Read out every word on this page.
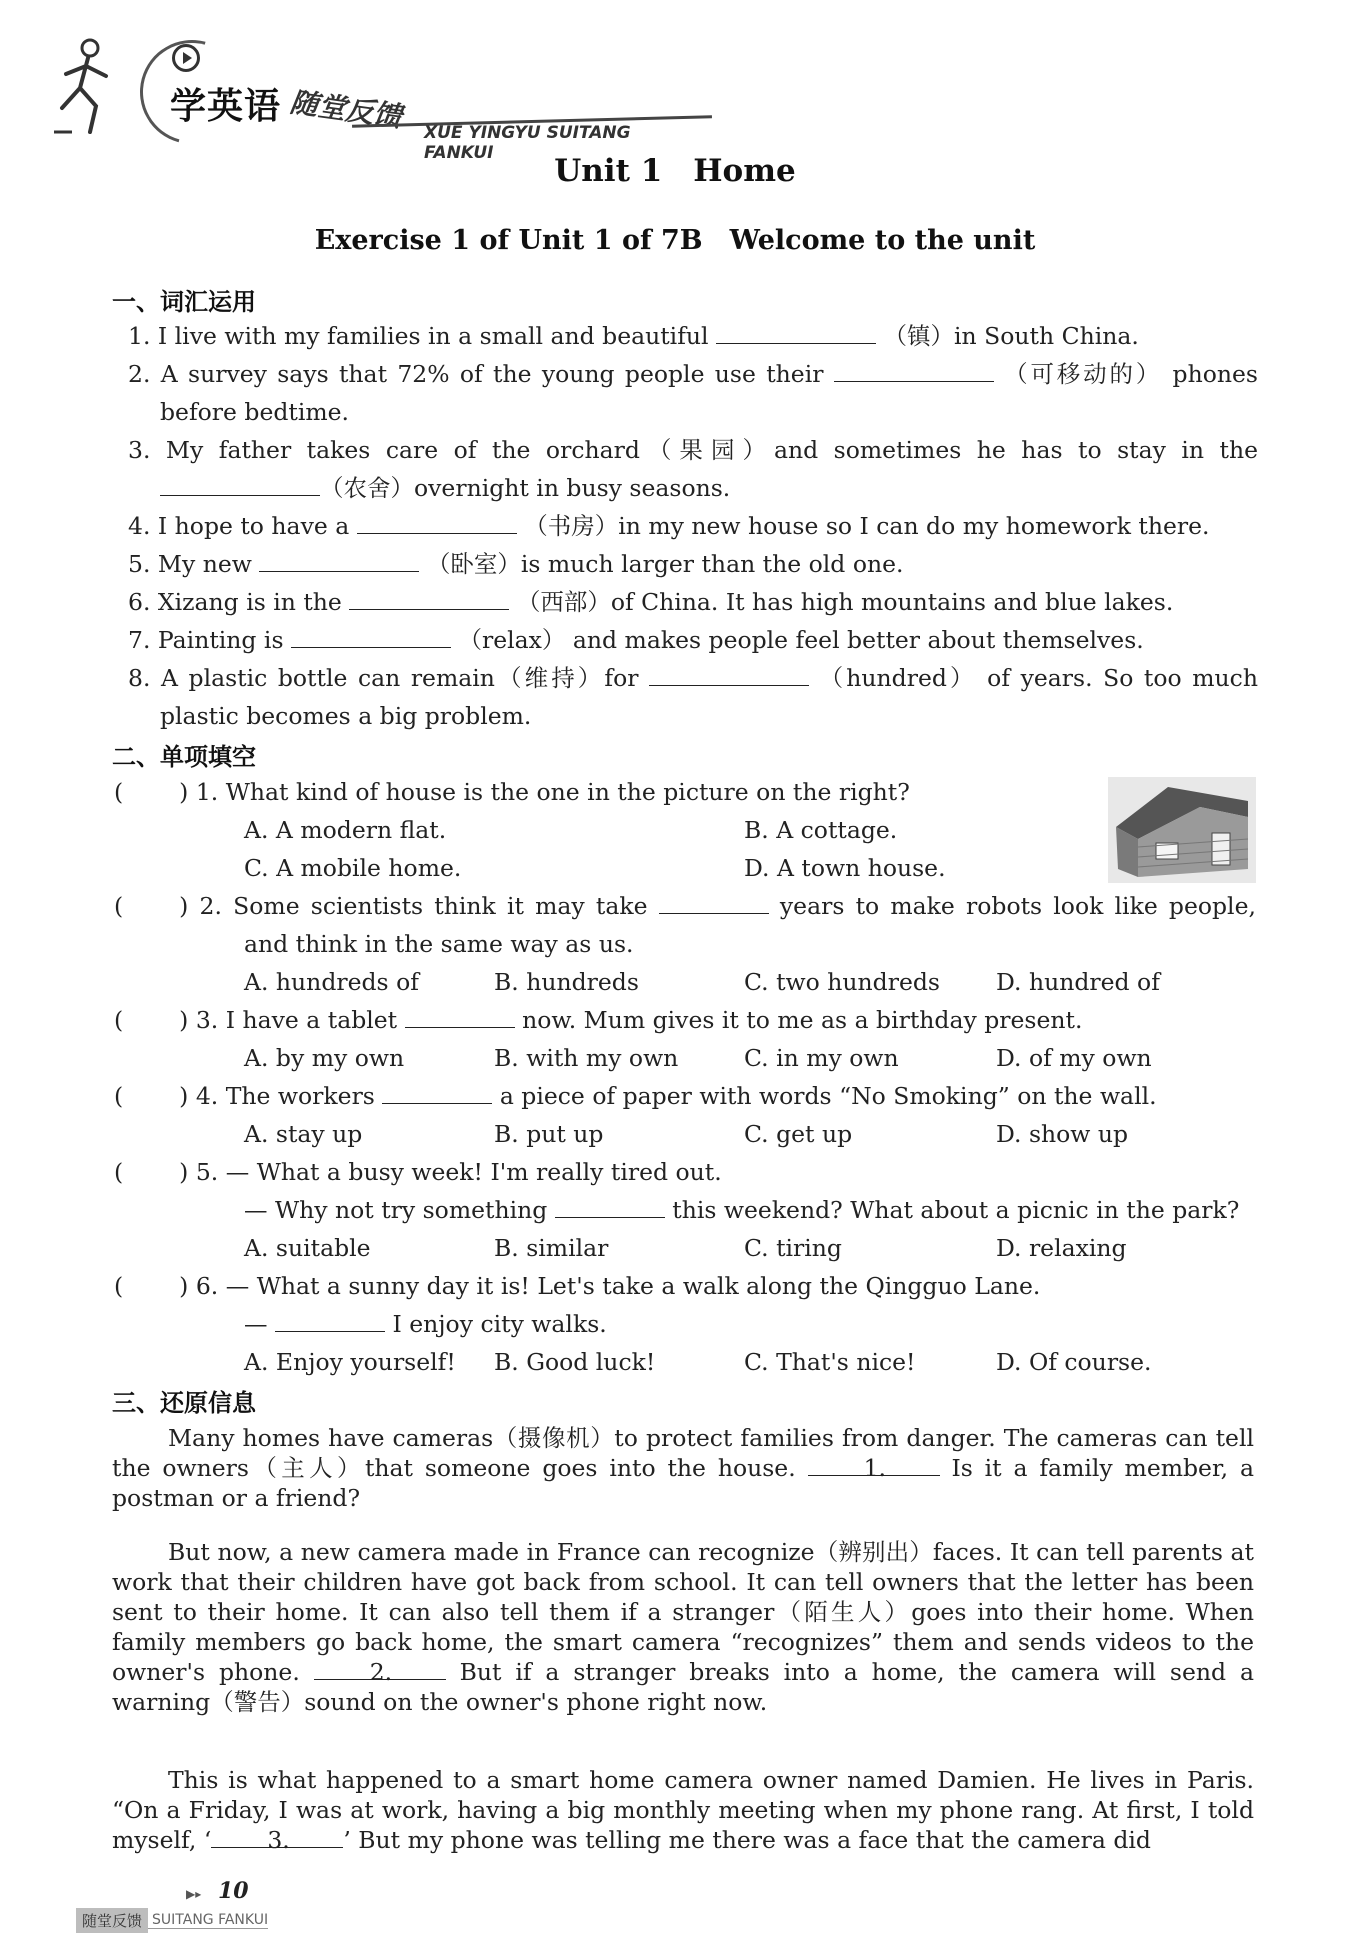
学英语 随堂反馈 XUE YINGYU SUITANG FANKUI	Unit 1　Home
Exercise 1 of Unit 1 of 7B　Welcome to the unit
一、词汇运用
1. I live with my families in a small and beautiful	（镇）in South China.
2. A survey says that 72% of the young people use their	（可移动的） phones
before bedtime.
3. My father takes care of the orchard（果园）and sometimes he has to stay in the
（农舍）overnight in busy seasons.
4. I hope to have a	（书房）in my new house so I can do my homework there.
5. My new	（卧室）is much larger than the old one.
6. Xizang is in the	（西部）of China. It has high mountains and blue lakes.
7. Painting is	（relax） and makes people feel better about themselves.
8. A plastic bottle can remain（维持）for	（hundred） of years. So too much
plastic becomes a big problem.
二、单项填空
( ) 1. What kind of house is the one in the picture on the right?
A. A modern flat.	B. A cottage.
C. A mobile home.	D. A town house.
( ) 2. Some scientists think it may take	years to make robots look like people,
and think in the same way as us.
A. hundreds of	B. hundreds	C. two hundreds D. hundred of
( ) 3. I have a tablet	now. Mum gives it to me as a birthday present.
A. by my own	B. with my own	C. in my own	D. of my own
( ) 4. The workers	a piece of paper with words “No Smoking” on the wall.
A. stay up	B. put up	C. get up	D. show up
( ) 5. — What a busy week! I'm really tired out.
— Why not try something	this weekend? What about a picnic in the park?
A. suitable	B. similar	C. tiring	D. relaxing
( ) 6. — What a sunny day it is! Let's take a walk along the Qingguo Lane.
—	I enjoy city walks.
A. Enjoy yourself! B. Good luck!	C. That's nice!	D. Of course.
三、还原信息
Many homes have cameras（摄像机）to protect families from danger. The cameras can tell the owners（主人）that someone goes into the house.	1.	Is it a family member, a postman or a friend?
But now, a new camera made in France can recognize（辨别出）faces. It can tell parents at work that their children have got back from school. It can tell owners that the letter has been sent to their home. It can also tell them if a stranger（陌生人）goes into their home. When family members go back home, the smart camera “recognizes” them and sends videos to the owner's phone.	2.	But if a stranger breaks into a home, the camera will send a warning（警告）sound on the owner's phone right now.
This is what happened to a smart home camera owner named Damien. He lives in Paris. “On a Friday, I was at work, having a big monthly meeting when my phone rang. At first, I told myself, ‘ 3. ’ But my phone was telling me there was a face that the camera did
▶▸ 10
随堂反馈 SUITANG FANKUI
